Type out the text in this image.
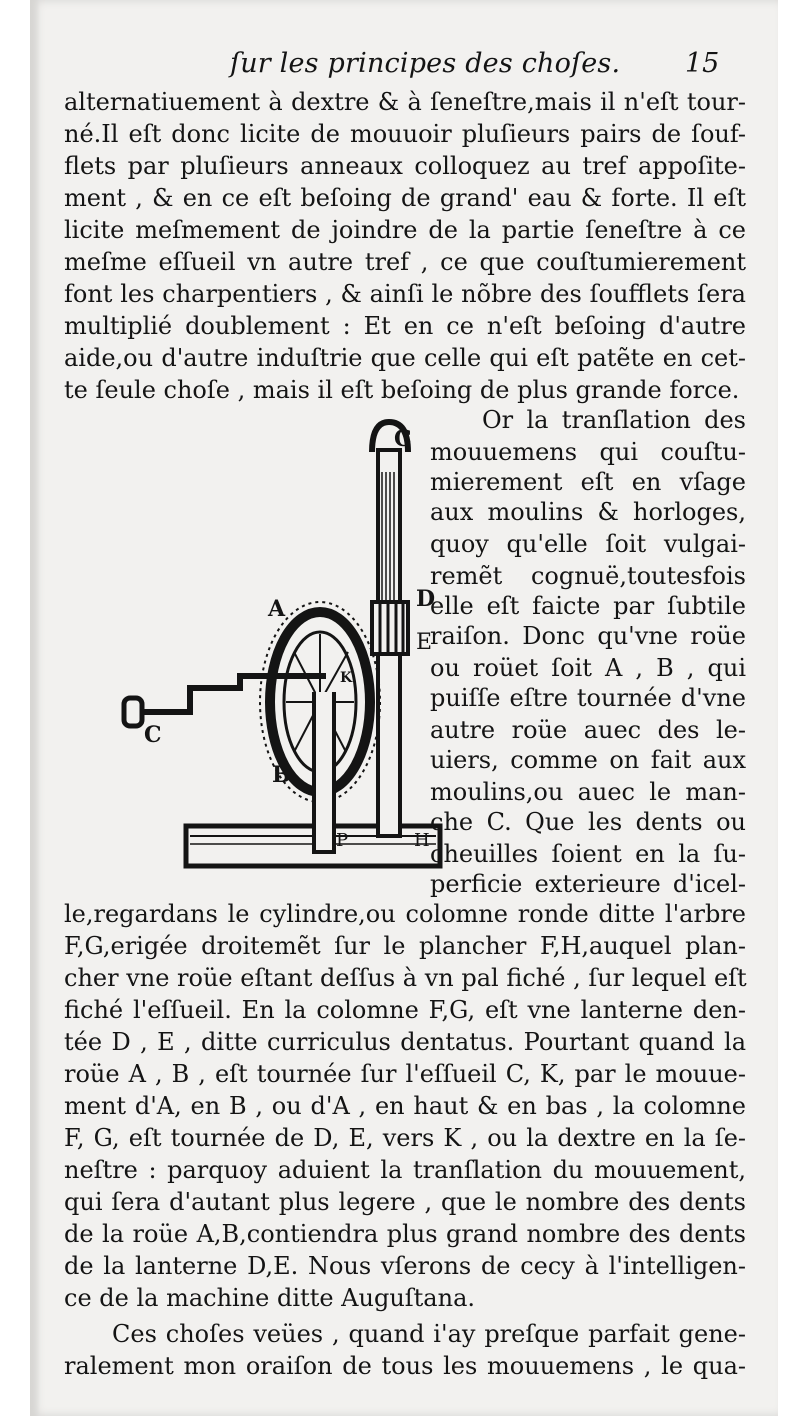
ſur les principes des choſes. 15
alternatiuement à dextre & à ſeneſtre,mais il n'eſt tour-
né.Il eſt donc licite de mouuoir pluſieurs pairs de ſouf-
flets par pluſieurs anneaux colloquez au tref appoſite-
ment , & en ce eſt beſoing de grand' eau & forte. Il eſt
licite meſmement de joindre de la partie ſeneſtre à ce
meſme eſſueil vn autre tref , ce que couſtumierement
font les charpentiers , & ainſi le nõbre des ſoufflets ſera
multiplié doublement : Et en ce n'eſt beſoing d'autre
aide,ou d'autre induſtrie que celle qui eſt patẽte en cet-
te ſeule choſe , mais il eſt beſoing de plus grande force.
Or la tranſlation des
mouuemens qui couſtu-
mierement eſt en vſage
aux moulins & horloges,
quoy qu'elle ſoit vulgai-
remẽt cognuë,toutesfois
elle eſt faicte par ſubtile
raiſon. Donc qu'vne roüe
ou roüet ſoit A , B , qui
puiſſe eſtre tournée d'vne
autre roüe auec des le-
uiers, comme on fait aux
moulins,ou auec le man-
che C. Que les dents ou
cheuilles ſoient en la ſu-
perficie exterieure d'icel-
C
D
E
A
B
C
K
P	H
le,regardans le cylindre,ou colomne ronde ditte l'arbre
F,G,erigée droitemẽt ſur le plancher F,H,auquel plan-
cher vne roüe eſtant deſſus à vn pal fiché , ſur lequel eſt
fiché l'eſſueil. En la colomne F,G, eſt vne lanterne den-
tée D , E , ditte curriculus dentatus. Pourtant quand la
roüe A , B , eſt tournée ſur l'eſſueil C, K, par le mouue-
ment d'A, en B , ou d'A , en haut & en bas , la colomne
F, G, eſt tournée de D, E, vers K , ou la dextre en la ſe-
neſtre : parquoy aduient la tranſlation du mouuement,
qui ſera d'autant plus legere , que le nombre des dents
de la roüe A,B,contiendra plus grand nombre des dents
de la lanterne D,E. Nous vſerons de cecy à l'intelligen-
ce de la machine ditte Auguſtana.
Ces choſes veües , quand i'ay preſque parfait gene-
ralement mon oraiſon de tous les mouuemens , le qua-
